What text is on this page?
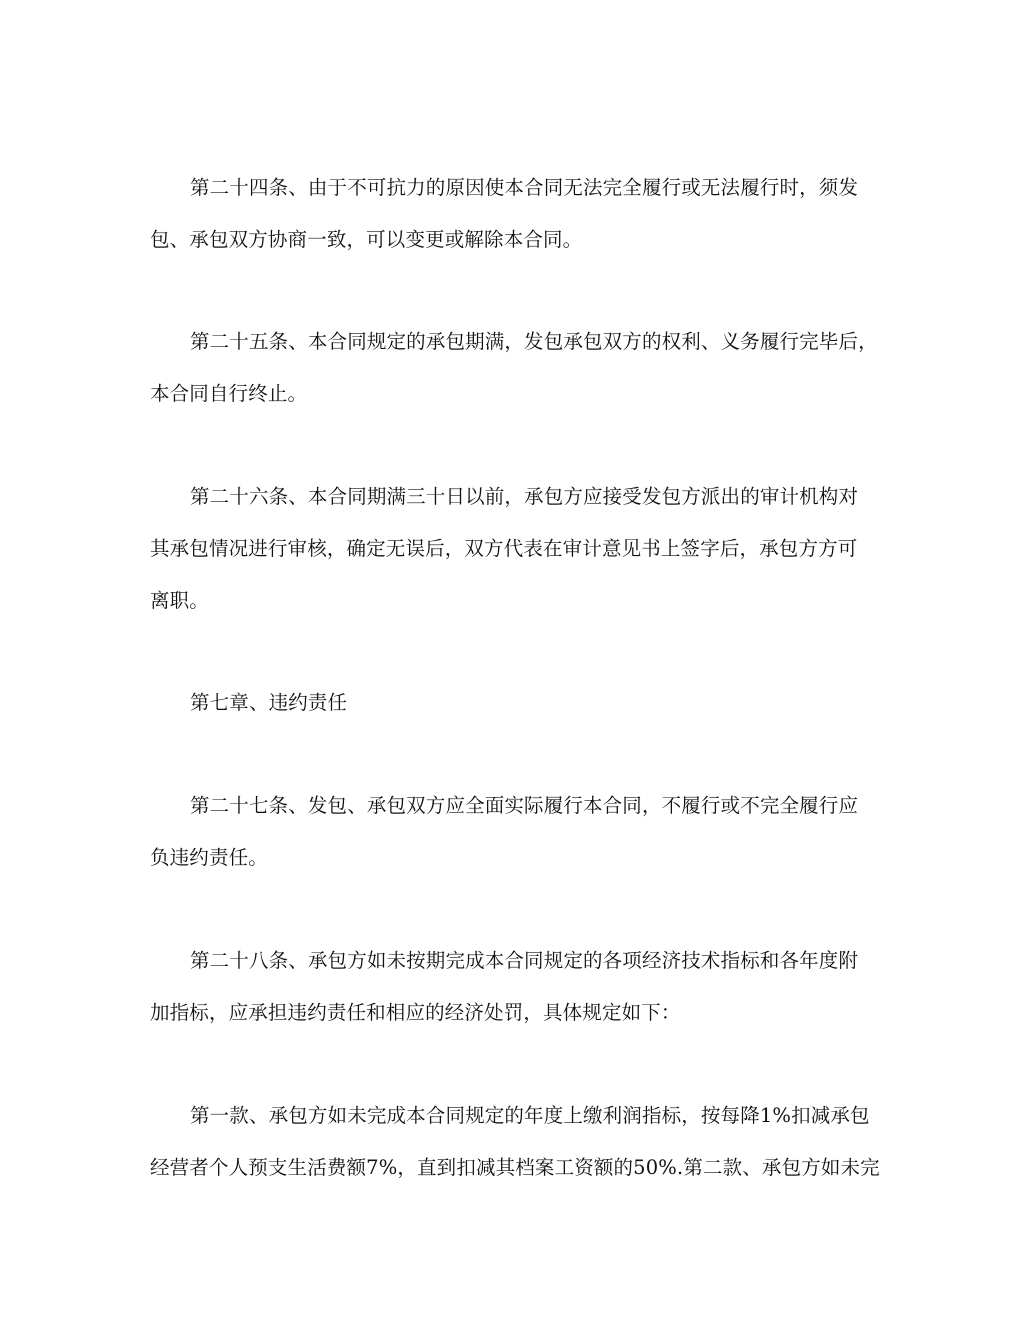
第二十四条、由于不可抗力的原因使本合同无法完全履行或无法履行时，须发
包、承包双方协商一致，可以变更或解除本合同。
第二十五条、本合同规定的承包期满，发包承包双方的权利、义务履行完毕后，
本合同自行终止。
第二十六条、本合同期满三十日以前，承包方应接受发包方派出的审计机构对
其承包情况进行审核，确定无误后，双方代表在审计意见书上签字后，承包方方可
离职。
第七章、违约责任
第二十七条、发包、承包双方应全面实际履行本合同，不履行或不完全履行应
负违约责任。
第二十八条、承包方如未按期完成本合同规定的各项经济技术指标和各年度附
加指标，应承担违约责任和相应的经济处罚，具体规定如下：
第一款、承包方如未完成本合同规定的年度上缴利润指标，按每降1%扣减承包
经营者个人预支生活费额7%，直到扣减其档案工资额的50%.第二款、承包方如未完
